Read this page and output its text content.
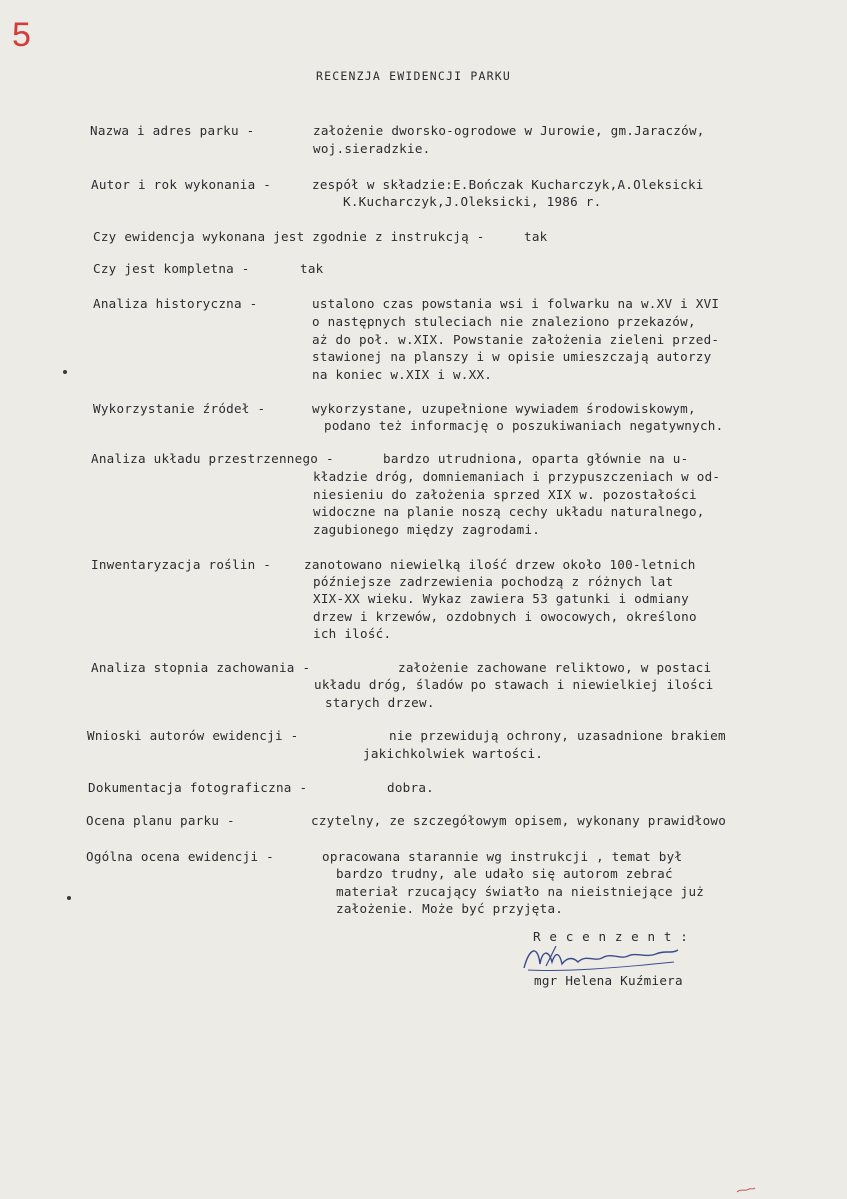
5
RECENZJA EWIDENCJI PARKU
Nazwa i adres parku -	założenie dworsko-ogrodowe w Jurowie, gm.Jaraczów,
woj.sieradzkie.
Autor i rok wykonania -	zespół w składzie:E.Bończak Kucharczyk,A.Oleksicki
K.Kucharczyk,J.Oleksicki, 1986 r.
Czy ewidencja wykonana jest zgodnie z instrukcją -	tak
Czy jest kompletna -	tak
Analiza historyczna -	ustalono czas powstania wsi i folwarku na w.XV i XVI
o następnych stuleciach nie znaleziono przekazów,
aż do poł. w.XIX. Powstanie założenia zieleni przed-
stawionej na planszy i w opisie umieszczają autorzy
na koniec w.XIX i w.XX.
Wykorzystanie źródeł -	wykorzystane, uzupełnione wywiadem środowiskowym,
podano też informację o poszukiwaniach negatywnych.
Analiza układu przestrzennego -	bardzo utrudniona, oparta głównie na u-
kładzie dróg, domniemaniach i przypuszczeniach w od-
niesieniu do założenia sprzed XIX w. pozostałości
widoczne na planie noszą cechy układu naturalnego,
zagubionego między zagrodami.
Inwentaryzacja roślin -	zanotowano niewielką ilość drzew około 100-letnich
późniejsze zadrzewienia pochodzą z różnych lat
XIX-XX wieku. Wykaz zawiera 53 gatunki i odmiany
drzew i krzewów, ozdobnych i owocowych, określono
ich ilość.
Analiza stopnia zachowania -	założenie zachowane reliktowo, w postaci
układu dróg, śladów po stawach i niewielkiej ilości
starych drzew.
Wnioski autorów ewidencji -	nie przewidują ochrony, uzasadnione brakiem
jakichkolwiek wartości.
Dokumentacja fotograficzna -	dobra.
Ocena planu parku -	czytelny, ze szczegółowym opisem, wykonany prawidłowo
Ogólna ocena ewidencji -	opracowana starannie wg instrukcji , temat był
bardzo trudny, ale udało się autorom zebrać
materiał rzucający światło na nieistniejące już
założenie. Może być przyjęta.
R e c e n z e n t :
mgr Helena Kuźmiera
